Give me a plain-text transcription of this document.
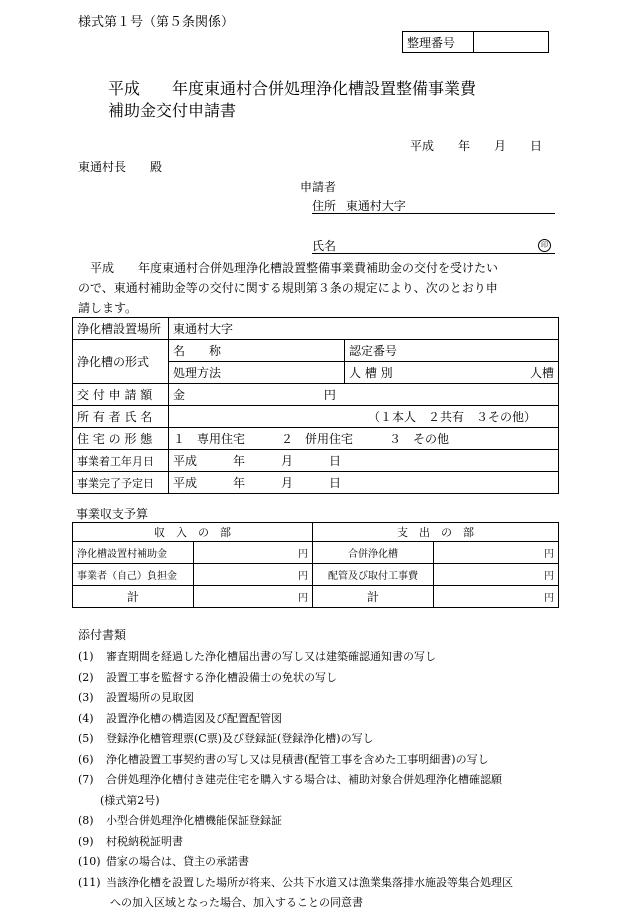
様式第１号（第５条関係）
整理番号	
平成　　年度東通村合併処理浄化槽設置整備事業費
補助金交付申請書
平成　　年　　月　　日
東通村長　　殿
申請者
住所 東通村大字
氏名	印
　平成　　年度東通村合併処理浄化槽設置整備事業費補助金の交付を受けたい
ので、東通村補助金等の交付に関する規則第３条の規定により、次のとおり申
請します。
浄化槽設置場所	東通村大字	
浄化槽の形式	名　　称	認定番号
	処理方法	人 槽 別 人槽

交 付 申 請 額	金 円	
所 有 者 氏 名	（１本人　２共有　３その他）	
住 宅 の 形 態	１　専用住宅　　　２　併用住宅　　　３　その他	
事業着工年月日	平成　　　年　　　月　　　日	
事業完了予定日	平成　　　年　　　月　　　日	
事業収支予算
収　入　の　部		支　出　の　部	
浄化槽設置村補助金	円	合併浄化槽	円
事業者（自己）負担金	円	配管及び取付工事費	円
計	円	計	円
添付書類
(1) 審査期間を経過した浄化槽届出書の写し又は建築確認通知書の写し
(2) 設置工事を監督する浄化槽設備士の免状の写し
(3) 設置場所の見取図
(4) 設置浄化槽の構造図及び配置配管図
(5) 登録浄化槽管理票(C票)及び登録証(登録浄化槽)の写し
(6) 浄化槽設置工事契約書の写し又は見積書(配管工事を含めた工事明細書)の写し
(7) 合併処理浄化槽付き建売住宅を購入する場合は、補助対象合併処理浄化槽確認願
(様式第2号)
(8) 小型合併処理浄化槽機能保証登録証
(9) 村税納税証明書
(10) 借家の場合は、貸主の承諾書
(11) 当該浄化槽を設置した場所が将来、公共下水道又は漁業集落排水施設等集合処理区
への加入区域となった場合、加入することの同意書
